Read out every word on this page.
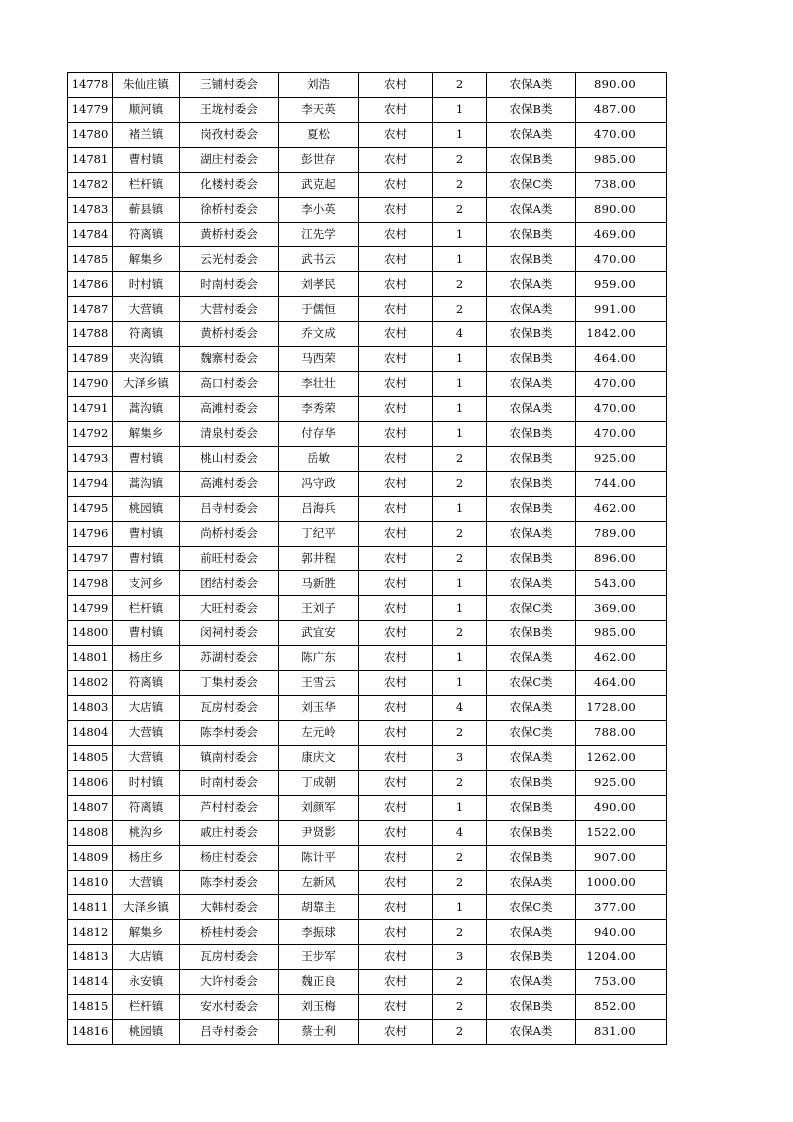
14778	朱仙庄镇	三铺村委会	刘浩	农村	2	农保A类	890.00
14779	顺河镇	王垅村委会	李天英	农村	1	农保B类	487.00
14780	褚兰镇	岗孜村委会	夏松	农村	1	农保A类	470.00
14781	曹村镇	湖庄村委会	彭世存	农村	2	农保B类	985.00
14782	栏杆镇	化楼村委会	武克起	农村	2	农保C类	738.00
14783	蕲县镇	徐桥村委会	李小英	农村	2	农保A类	890.00
14784	符离镇	黄桥村委会	江先学	农村	1	农保B类	469.00
14785	解集乡	云光村委会	武书云	农村	1	农保B类	470.00
14786	时村镇	时南村委会	刘孝民	农村	2	农保A类	959.00
14787	大营镇	大营村委会	于儒恒	农村	2	农保A类	991.00
14788	符离镇	黄桥村委会	乔文成	农村	4	农保B类	1842.00
14789	夹沟镇	魏寨村委会	马西荣	农村	1	农保B类	464.00
14790	大泽乡镇	高口村委会	李壮壮	农村	1	农保A类	470.00
14791	蒿沟镇	高滩村委会	李秀荣	农村	1	农保A类	470.00
14792	解集乡	清泉村委会	付存华	农村	1	农保B类	470.00
14793	曹村镇	桃山村委会	岳敏	农村	2	农保B类	925.00
14794	蒿沟镇	高滩村委会	冯守政	农村	2	农保B类	744.00
14795	桃园镇	吕寺村委会	吕海兵	农村	1	农保B类	462.00
14796	曹村镇	尚桥村委会	丁纪平	农村	2	农保A类	789.00
14797	曹村镇	前旺村委会	郭井程	农村	2	农保B类	896.00
14798	支河乡	团结村委会	马新胜	农村	1	农保A类	543.00
14799	栏杆镇	大旺村委会	王刘子	农村	1	农保C类	369.00
14800	曹村镇	闵祠村委会	武宜安	农村	2	农保B类	985.00
14801	杨庄乡	苏湖村委会	陈广东	农村	1	农保A类	462.00
14802	符离镇	丁集村委会	王雪云	农村	1	农保C类	464.00
14803	大店镇	瓦房村委会	刘玉华	农村	4	农保A类	1728.00
14804	大营镇	陈李村委会	左元岭	农村	2	农保C类	788.00
14805	大营镇	镇南村委会	康庆文	农村	3	农保A类	1262.00
14806	时村镇	时南村委会	丁成朝	农村	2	农保B类	925.00
14807	符离镇	芦村村委会	刘颜军	农村	1	农保B类	490.00
14808	桃沟乡	戚庄村委会	尹贤影	农村	4	农保B类	1522.00
14809	杨庄乡	杨庄村委会	陈计平	农村	2	农保B类	907.00
14810	大营镇	陈李村委会	左新风	农村	2	农保A类	1000.00
14811	大泽乡镇	大韩村委会	胡靠主	农村	1	农保C类	377.00
14812	解集乡	桥桂村委会	李振球	农村	2	农保A类	940.00
14813	大店镇	瓦房村委会	王步军	农村	3	农保B类	1204.00
14814	永安镇	大许村委会	魏正良	农村	2	农保A类	753.00
14815	栏杆镇	安水村委会	刘玉梅	农村	2	农保B类	852.00
14816	桃园镇	吕寺村委会	蔡士利	农村	2	农保A类	831.00
